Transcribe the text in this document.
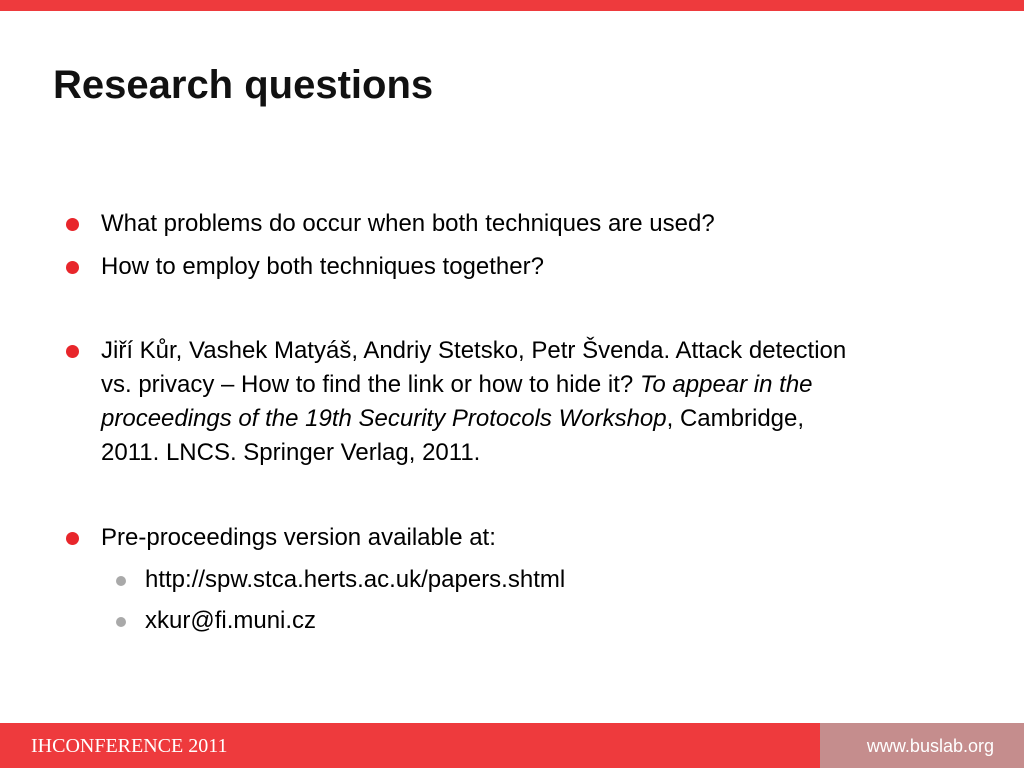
Research questions
What problems do occur when both techniques are used?
How to employ both techniques together?
Jiří Kůr, Vashek Matyáš, Andriy Stetsko, Petr Švenda. Attack detection
vs. privacy – How to find the link or how to hide it? To appear in the
proceedings of the 19th Security Protocols Workshop, Cambridge,
2011. LNCS. Springer Verlag, 2011.
Pre-proceedings version available at:
http://spw.stca.herts.ac.uk/papers.shtml
xkur@fi.muni.cz
IHCONFERENCE 2011	www.buslab.org
